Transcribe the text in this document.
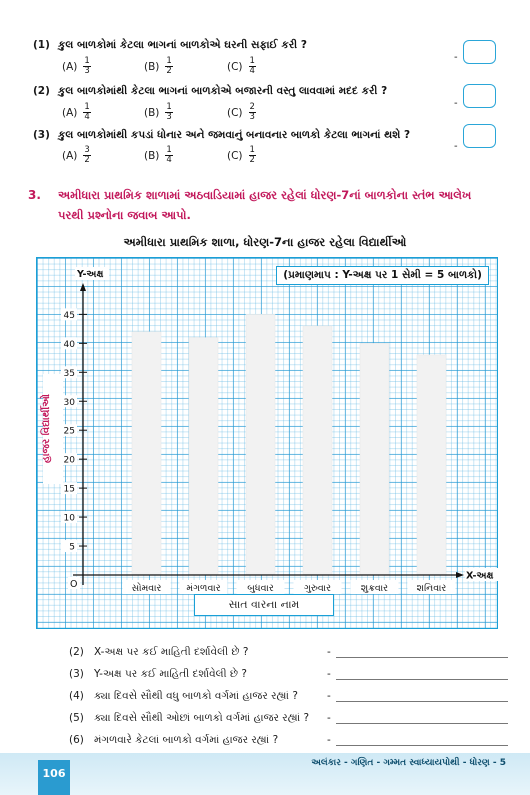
(1) કુલ બાળકોમાં કેટલા ભાગનાં બાળકોએ ઘરની સફાઈ કરી ?
$(A) \frac{1}{3}$	$(B) \frac{1}{2}$	$(C) \frac{1}{4}$	-
(2) કુલ બાળકોમાંથી કેટલા ભાગનાં બાળકોએ બજારની વસ્તુ લાવવામાં મદદ કરી ?
$(A) \frac{1}{4}$	$(B) \frac{1}{3}$	$(C) \frac{2}{3}$	-
(3) કુલ બાળકોમાંથી કપડાં ધોનાર અને જમવાનું બનાવનાર બાળકો કેટલા ભાગનાં થશે ?
$(A) \frac{3}{2}$	$(B) \frac{1}{4}$	$(C) \frac{1}{2}$	-
3. અમીધારા પ્રાથમિક શાળામાં અઠવાડિયામાં હાજર રહેલાં ધોરણ-7નાં બાળકોના સ્તંભ આલેખ
પરથી પ્રશ્નોના જવાબ આપો.
અમીધારા પ્રાથમિક શાળા, ધોરણ-7ના હાજર રહેલા વિદ્યાર્થીઓ
(પ્રમાણમાપ : Y-અક્ષ પર 1 સેમી = 5 બાળકો)
હાજર વિદ્યાર્થીઓ
સોમવાર	મંગળવાર	બુધવાર	ગુરુવાર	શુક્રવાર	શનિવાર
5
10
15
20
25
30
35
40
45
Y-અક્ષ
X-અક્ષ
O
સાત વારના નામ
(2) X-અક્ષ પર કઈ માહિતી દર્શાવેલી છે ?	-
(3) Y-અક્ષ પર કઈ માહિતી દર્શાવેલી છે ?	-
(4) ક્યા દિવસે સૌથી વધુ બાળકો વર્ગમાં હાજર રહ્યાં ?	-
(5) ક્યા દિવસે સૌથી ઓછાં બાળકો વર્ગમાં હાજર રહ્યાં ? -
(6) મંગળવારે કેટલાં બાળકો વર્ગમાં હાજર રહ્યાં ?	-
106
અલંકાર - ગણિત - ગમ્મત સ્વાધ્યાયપોથી - ધોરણ - 5
